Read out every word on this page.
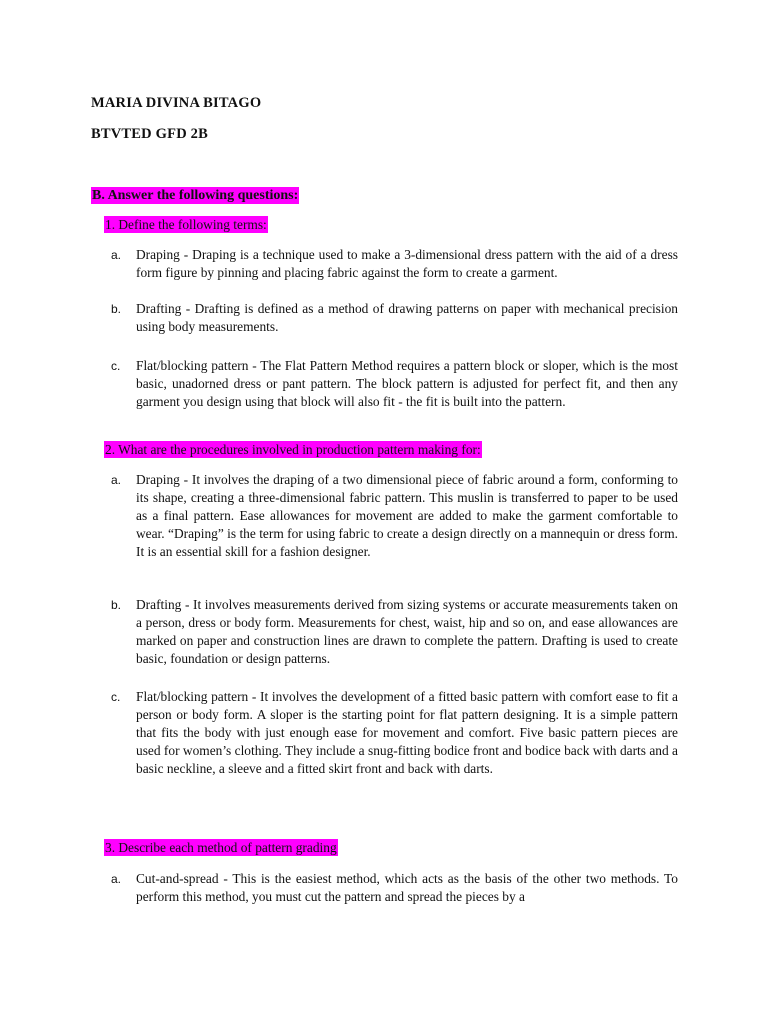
MARIA DIVINA BITAGO
BTVTED GFD 2B
B. Answer the following questions:
1. Define the following terms:
a.	Draping - Draping is a technique used to make a 3-dimensional dress pattern with the aid of a dress form figure by pinning and placing fabric against the form to create a garment.
b.	Drafting - Drafting is defined as a method of drawing patterns on paper with mechanical precision using body measurements.
c.	Flat/blocking pattern - The Flat Pattern Method requires a pattern block or sloper, which is the most basic, unadorned dress or pant pattern. The block pattern is adjusted for perfect fit, and then any garment you design using that block will also fit - the fit is built into the pattern.
2. What are the procedures involved in production pattern making for:
a.	Draping - It involves the draping of a two dimensional piece of fabric around a form, conforming to its shape, creating a three-dimensional fabric pattern. This muslin is transferred to paper to be used as a final pattern. Ease allowances for movement are added to make the garment comfortable to wear. “Draping” is the term for using fabric to create a design directly on a mannequin or dress form. It is an essential skill for a fashion designer.
b.	Drafting - It involves measurements derived from sizing systems or accurate measurements taken on a person, dress or body form. Measurements for chest, waist, hip and so on, and ease allowances are marked on paper and construction lines are drawn to complete the pattern. Drafting is used to create basic, foundation or design patterns.
c.	Flat/blocking pattern - It involves the development of a fitted basic pattern with comfort ease to fit a person or body form. A sloper is the starting point for flat pattern designing. It is a simple pattern that fits the body with just enough ease for movement and comfort. Five basic pattern pieces are used for women’s clothing. They include a snug-fitting bodice front and bodice back with darts and a basic neckline, a sleeve and a fitted skirt front and back with darts.
3. Describe each method of pattern grading
a.	Cut-and-spread - This is the easiest method, which acts as the basis of the other two methods. To perform this method, you must cut the pattern and spread the pieces by a
